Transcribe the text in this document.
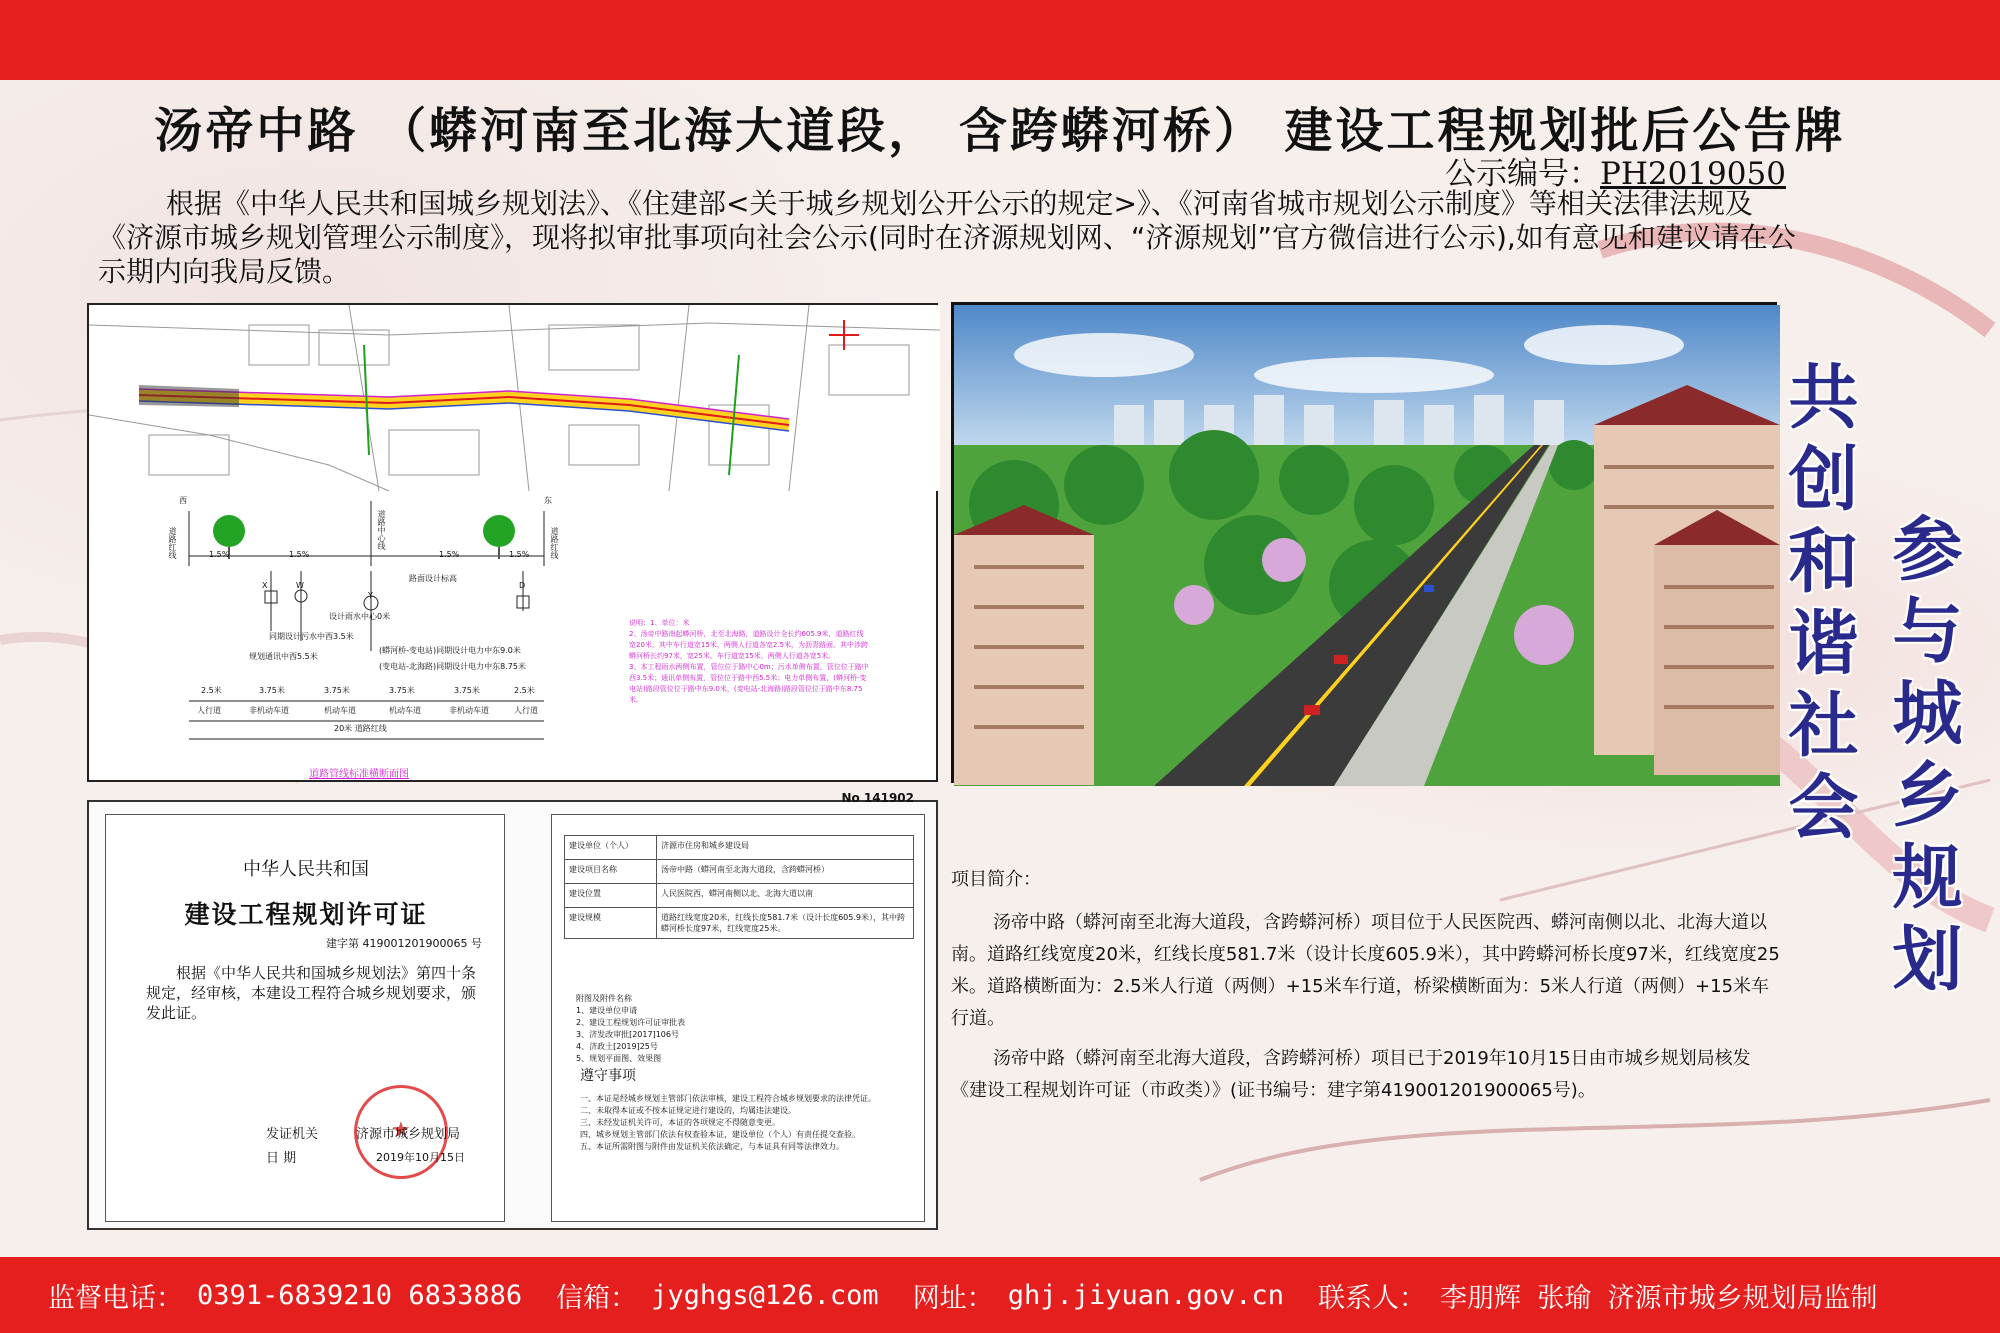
汤帝中路 （蟒河南至北海大道段， 含跨蟒河桥） 建设工程规划批后公告牌
公示编号：PH2019050
根据《中华人民共和国城乡规划法》、《住建部<关于城乡规划公开公示的规定>》、《河南省城市规划公示制度》等相关法律法规及《济源市城乡规划管理公示制度》，现将拟审批事项向社会公示(同时在济源规划网、“济源规划”官方微信进行公示),如有意见和建议请在公示期内向我局反馈。
西	东
道路红线	道路红线
道路中心线
1.5%	1.5%	1.5%	1.5%
路面设计标高
X	W
Y
D
设计雨水中心0米
同期设计污水中西3.5米
规划通讯中西5.5米
(蟒河桥-变电站)同期设计电力中东9.0米
(变电站-北海路)同期设计电力中东8.75米
2.5米	3.75米	3.75米	3.75米	3.75米	2.5米
人行道	非机动车道	机动车道	机动车道	非机动车道	人行道
20米 道路红线
说明：1、单位：米
2、汤帝中路南起蟒河桥，北至北海路，道路设计全长约605.9米，道路红线宽20米，其中车行道宽15米，两侧人行道各宽2.5米，为沥青路面。其中涉跨蟒河桥长约97米，宽25米，车行道宽15米，两侧人行道各宽5米。
3、本工程雨水两侧布置，管位位于路中心0m；污水单侧布置，管位位于路中西3.5米；通讯单侧布置，管位位于路中西5.5米；电力单侧布置，(蟒河桥-变电站)路段管位位于路中东9.0米，(变电站-北海路)路段管位位于路中东8.75米。
道路管线标准横断面图
中华人民共和国
建设工程规划许可证
建字第 419001201900065 号
根据《中华人民共和国城乡规划法》第四十条规定，经审核，本建设工程符合城乡规划要求，颁发此证。
★
发证机关	济源市城乡规划局
日 期	2019年10月15日
No 141902
建设单位（个人）	济源市住房和城乡建设局
建设项目名称	汤帝中路（蟒河南至北海大道段，含跨蟒河桥）
建设位置	人民医院西，蟒河南侧以北、北海大道以南
建设规模	道路红线宽度20米，红线长度581.7米（设计长度605.9米），其中跨蟒河桥长度97米，红线宽度25米。
附图及附件名称
1、建设单位申请
2、建设工程规划许可证审批表
3、济发改审批[2017]106号
4、济政土[2019]25号
5、规划平面图、效果图
遵守事项
一、本证是经城乡规划主管部门依法审核，建设工程符合城乡规划要求的法律凭证。
二、未取得本证或不按本证规定进行建设的，均属违法建设。
三、未经发证机关许可，本证的各项规定不得随意变更。
四、城乡规划主管部门依法有权查验本证，建设单位（个人）有责任提交查验。
五、本证所需附图与附件由发证机关依法确定，与本证具有同等法律效力。
共创和谐社会 参与城乡规划
项目简介：

汤帝中路（蟒河南至北海大道段，含跨蟒河桥）项目位于人民医院西、蟒河南侧以北、北海大道以南。道路红线宽度20米，红线长度581.7米（设计长度605.9米），其中跨蟒河桥长度97米，红线宽度25米。道路横断面为：2.5米人行道（两侧）+15米车行道，桥梁横断面为：5米人行道（两侧）+15米车行道。

汤帝中路（蟒河南至北海大道段，含跨蟒河桥）项目已于2019年10月15日由市城乡规划局核发《建设工程规划许可证（市政类）》(证书编号：建字第419001201900065号)。

监督电话： 0391-6839210 6833886 信箱： jyghgs@126.com 网址： ghj.jiyuan.gov.cn 联系人： 李朋辉 张瑜 济源市城乡规划局监制
